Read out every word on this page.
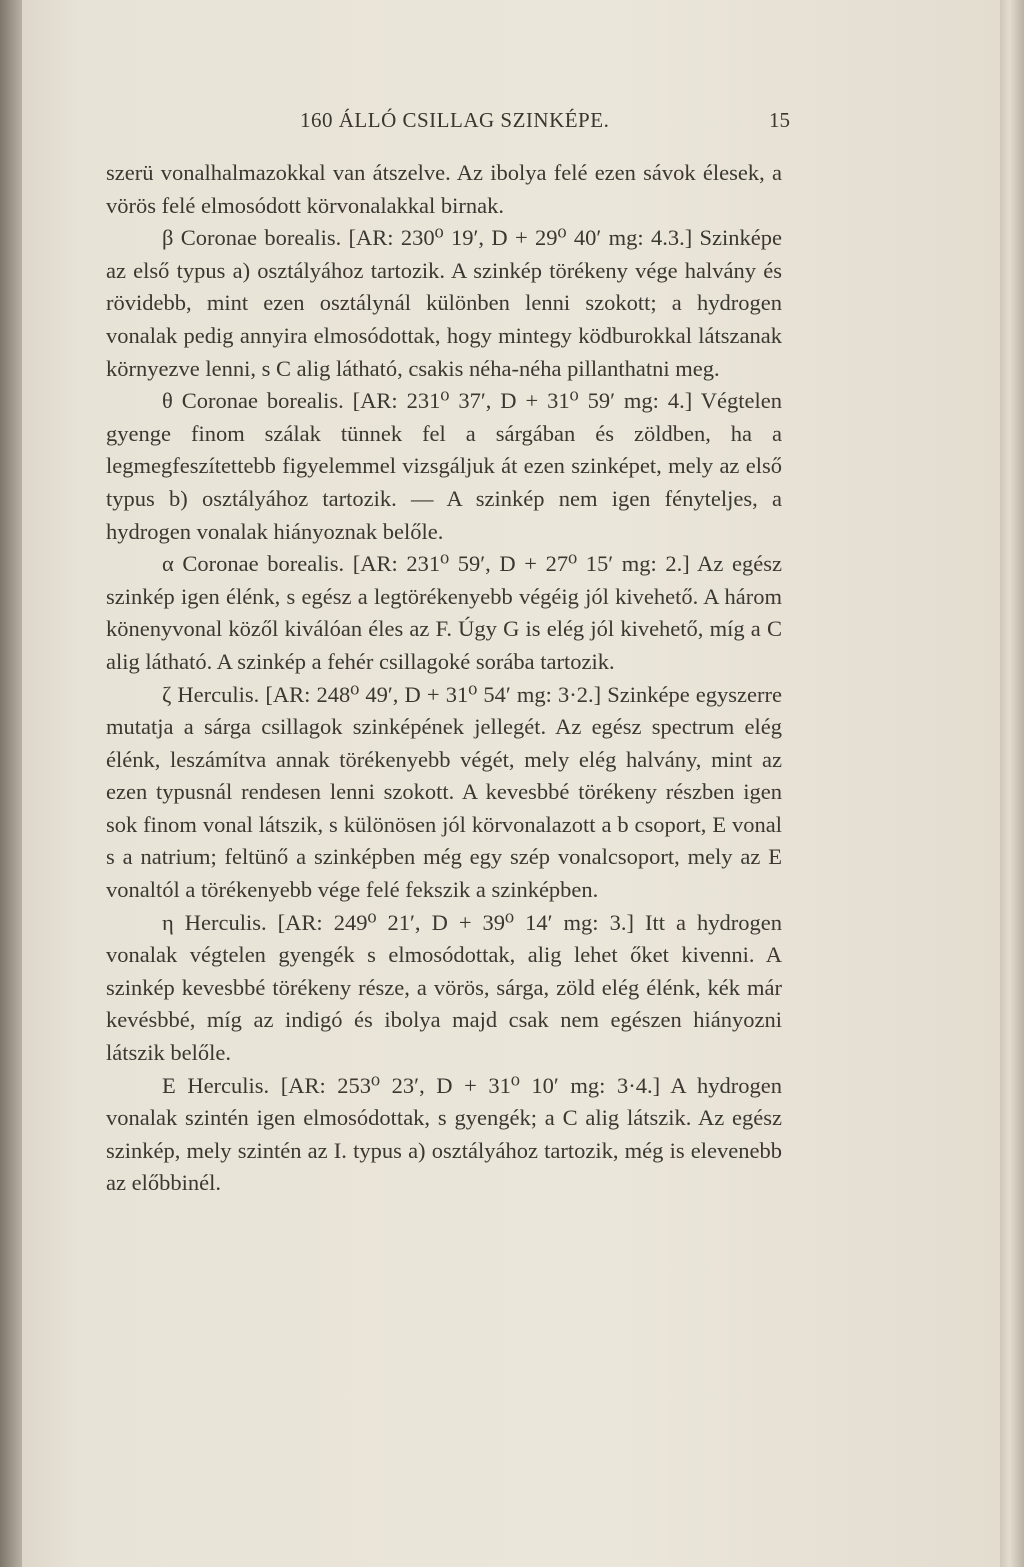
160 ÁLLÓ CSILLAG SZINKÉPE.	15

szerü vonalhalmazokkal van átszelve. Az ibolya felé ezen sávok élesek, a vörös felé elmosódott körvonalakkal birnak.

β Coronae borealis. [AR: 230⁰ 19′, D + 29⁰ 40′ mg: 4.3.] Szinképe az első typus a) osztályához tartozik. A szinkép törékeny vége halvány és rövidebb, mint ezen osztálynál különben lenni szokott; a hydrogen vonalak pedig annyira elmosódottak, hogy mintegy ködburokkal látszanak környezve lenni, s C alig látható, csakis néha-néha pillanthatni meg.

θ Coronae borealis. [AR: 231⁰ 37′, D + 31⁰ 59′ mg: 4.] Végtelen gyenge finom szálak tünnek fel a sárgában és zöldben, ha a legmegfeszítettebb figyelemmel vizsgáljuk át ezen szinképet, mely az első typus b) osztályához tartozik. — A szinkép nem igen fényteljes, a hydrogen vonalak hiányoznak belőle.

α Coronae borealis. [AR: 231⁰ 59′, D + 27⁰ 15′ mg: 2.] Az egész szinkép igen élénk, s egész a legtörékenyebb végéig jól kivehető. A három könenyvonal közől kiválóan éles az F. Úgy G is elég jól kivehető, míg a C alig látható. A szinkép a fehér csillagoké sorába tartozik.

ζ Herculis. [AR: 248⁰ 49′, D + 31⁰ 54′ mg: 3·2.] Szinképe egyszerre mutatja a sárga csillagok szinképének jellegét. Az egész spectrum elég élénk, leszámítva annak törékenyebb végét, mely elég halvány, mint az ezen typusnál rendesen lenni szokott. A kevesbbé törékeny részben igen sok finom vonal látszik, s különösen jól körvonalazott a b csoport, E vonal s a natrium; feltünő a szinképben még egy szép vonalcsoport, mely az E vonaltól a törékenyebb vége felé fekszik a szinképben.

η Herculis. [AR: 249⁰ 21′, D + 39⁰ 14′ mg: 3.] Itt a hydrogen vonalak végtelen gyengék s elmosódottak, alig lehet őket kivenni. A szinkép kevesbbé törékeny része, a vörös, sárga, zöld elég élénk, kék már kevésbbé, míg az indigó és ibolya majd csak nem egészen hiányozni látszik belőle.

E Herculis. [AR: 253⁰ 23′, D + 31⁰ 10′ mg: 3·4.] A hydrogen vonalak szintén igen elmosódottak, s gyengék; a C alig látszik. Az egész szinkép, mely szintén az I. typus a) osztályához tartozik, még is elevenebb az előbbinél.
